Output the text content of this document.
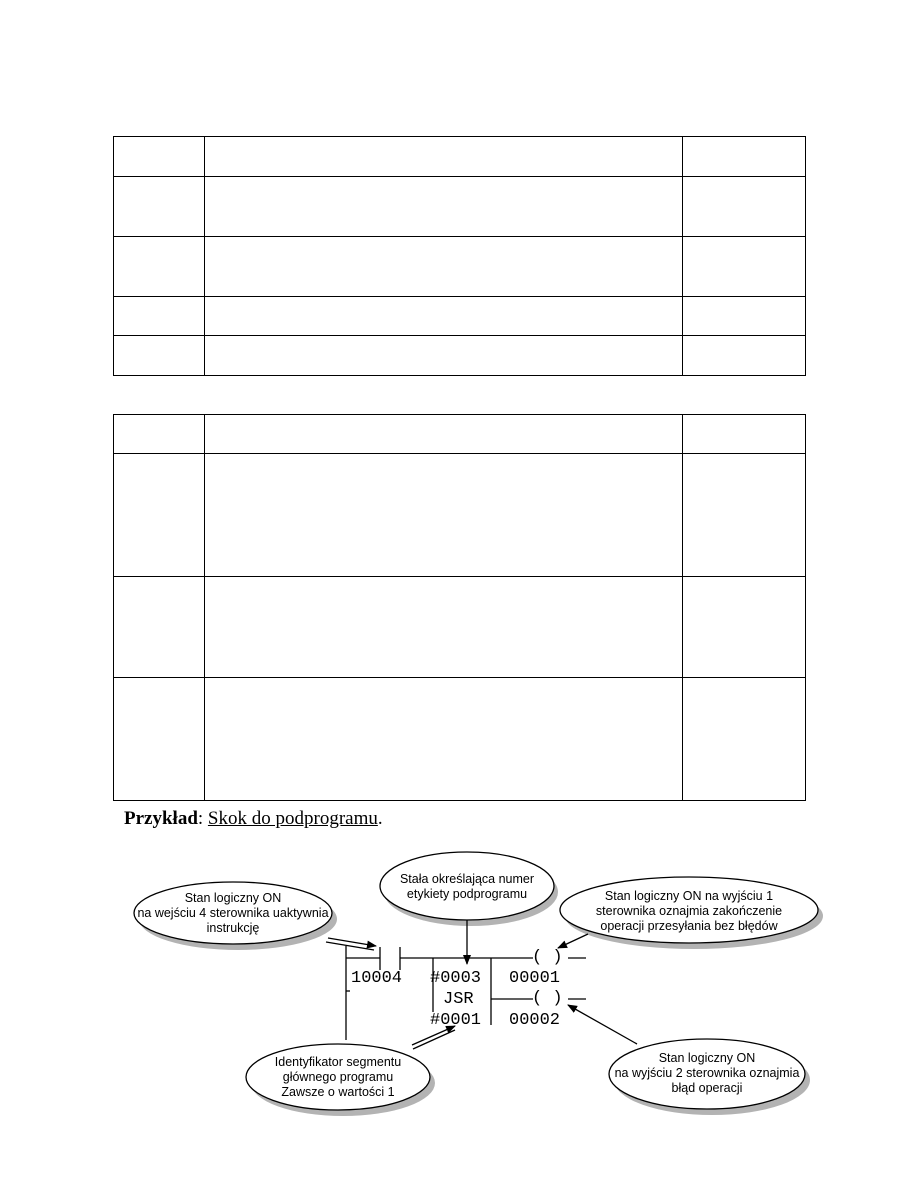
Przykład: Skok do podprogramu.
( )
( )
10004 #0003 00001
JSR
#0001 00002
Stan logiczny ON
na wejściu 4 sterownika uaktywnia
instrukcję
Stała określająca numer
etykiety podprogramu	Stan logiczny ON na wyjściu 1
sterownika oznajmia zakończenie
operacji przesyłania bez błędów
Identyfikator segmentu
głównego programu
Zawsze o wartości 1
Stan logiczny ON
na wyjściu 2 sterownika oznajmia
błąd operacji
